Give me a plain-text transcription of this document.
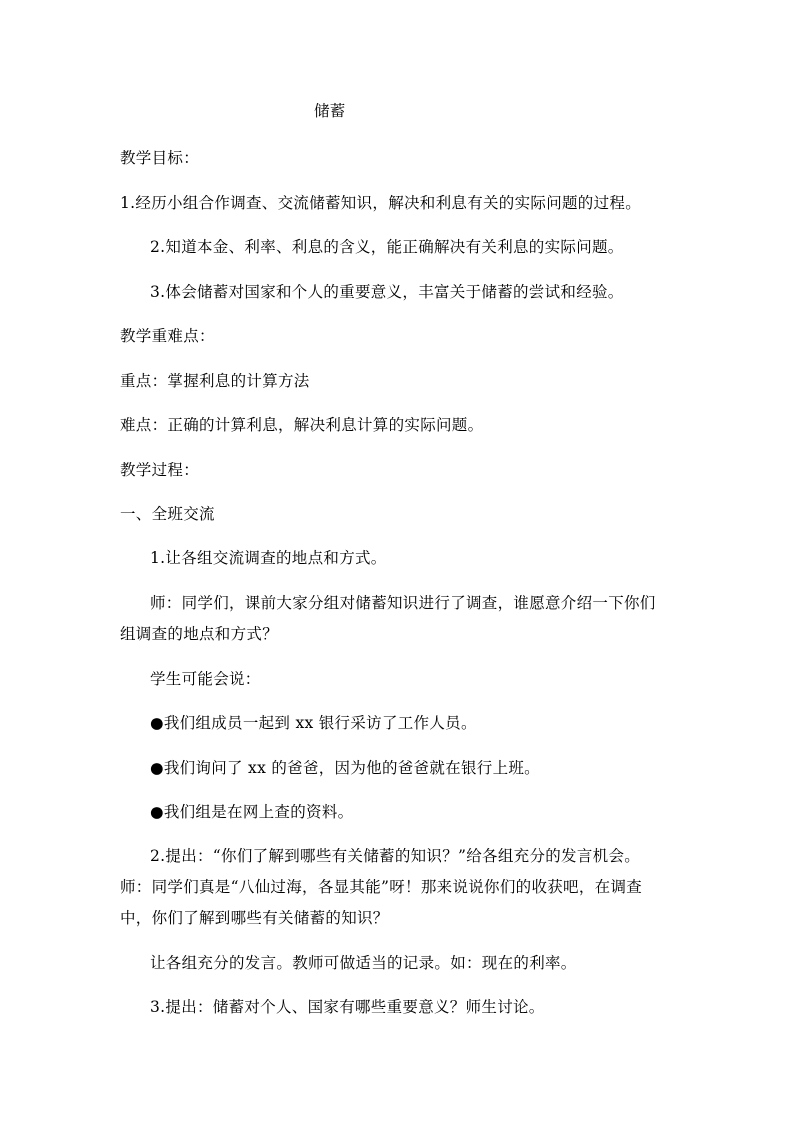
储蓄
教学目标：
1.经历小组合作调查、交流储蓄知识，解决和利息有关的实际问题的过程。
2.知道本金、利率、利息的含义，能正确解决有关利息的实际问题。
3.体会储蓄对国家和个人的重要意义，丰富关于储蓄的尝试和经验。
教学重难点：
重点：掌握利息的计算方法
难点：正确的计算利息，解决利息计算的实际问题。
教学过程：
一、全班交流
1.让各组交流调查的地点和方式。
师：同学们，课前大家分组对储蓄知识进行了调查，谁愿意介绍一下你们
组调查的地点和方式？
学生可能会说：
●我们组成员一起到 xx 银行采访了工作人员。
●我们询问了 xx 的爸爸，因为他的爸爸就在银行上班。
●我们组是在网上查的资料。
2.提出：“你们了解到哪些有关储蓄的知识？”给各组充分的发言机会。
师：同学们真是“八仙过海，各显其能”呀！那来说说你们的收获吧，在调查
中，你们了解到哪些有关储蓄的知识？
让各组充分的发言。教师可做适当的记录。如：现在的利率。
3.提出：储蓄对个人、国家有哪些重要意义？师生讨论。
